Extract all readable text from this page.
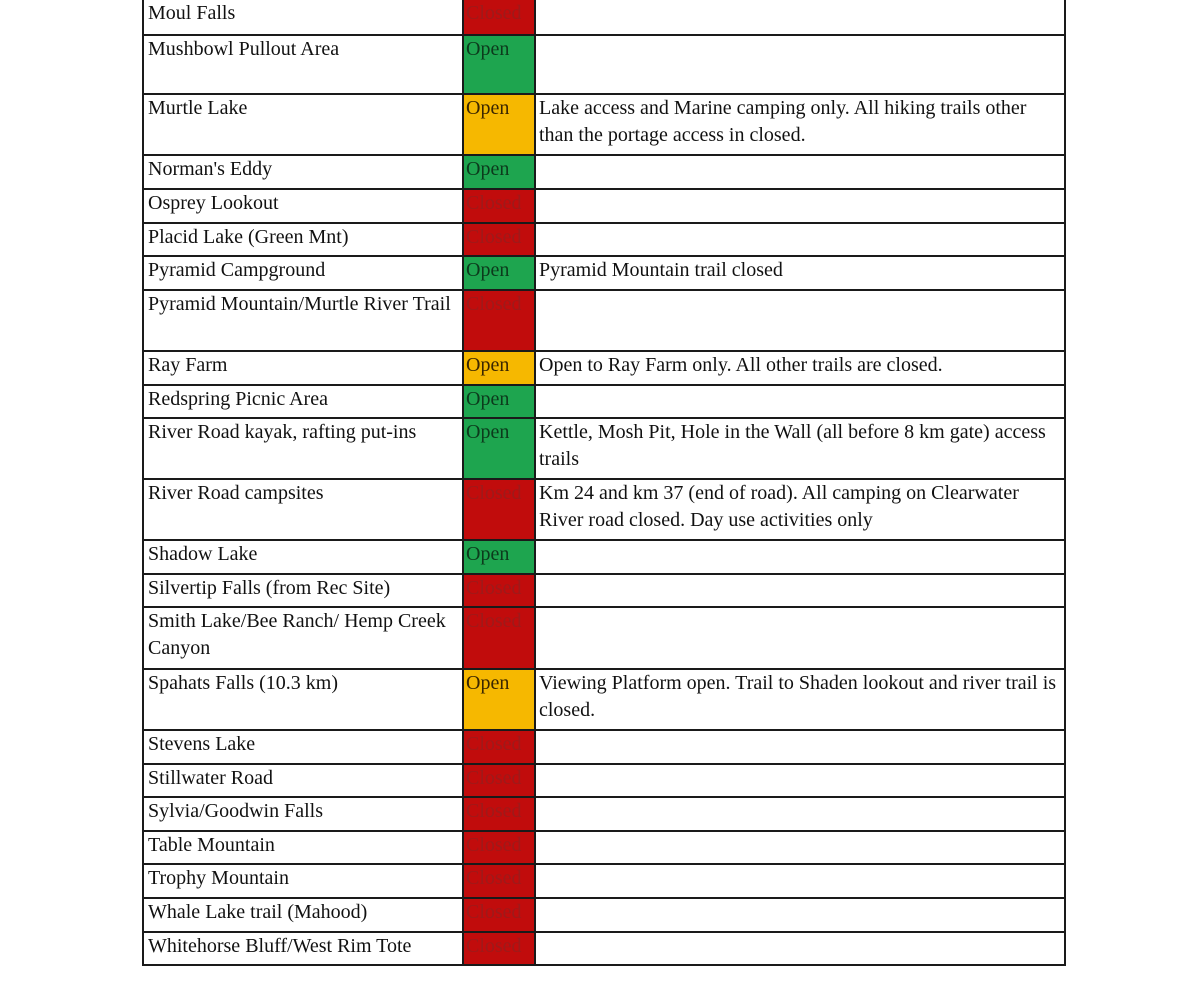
Moul Falls	Closed	
Mushbowl Pullout Area	Open	
Murtle Lake	Open	Lake access and Marine camping only. All hiking trails other than the portage access in closed.
Norman's Eddy	Open	
Osprey Lookout	Closed	
Placid Lake (Green Mnt)	Closed	
Pyramid Campground	Open	Pyramid Mountain trail closed
Pyramid Mountain/Murtle River Trail	Closed	
Ray Farm	Open	Open to Ray Farm only. All other trails are closed.
Redspring Picnic Area	Open	
River Road kayak, rafting put-ins	Open	Kettle, Mosh Pit, Hole in the Wall (all before 8 km gate) access trails
River Road campsites	Closed	Km 24 and km 37 (end of road). All camping on Clearwater River road closed. Day use activities only
Shadow Lake	Open	
Silvertip Falls (from Rec Site)	Closed	
Smith Lake/Bee Ranch/ Hemp Creek Canyon	Closed	
Spahats Falls (10.3 km)	Open	Viewing Platform open. Trail to Shaden lookout and river trail is closed.
Stevens Lake	Closed	
Stillwater Road	Closed	
Sylvia/Goodwin Falls	Closed	
Table Mountain	Closed	
Trophy Mountain	Closed	
Whale Lake trail (Mahood)	Closed	
Whitehorse Bluff/West Rim Tote	Closed	
